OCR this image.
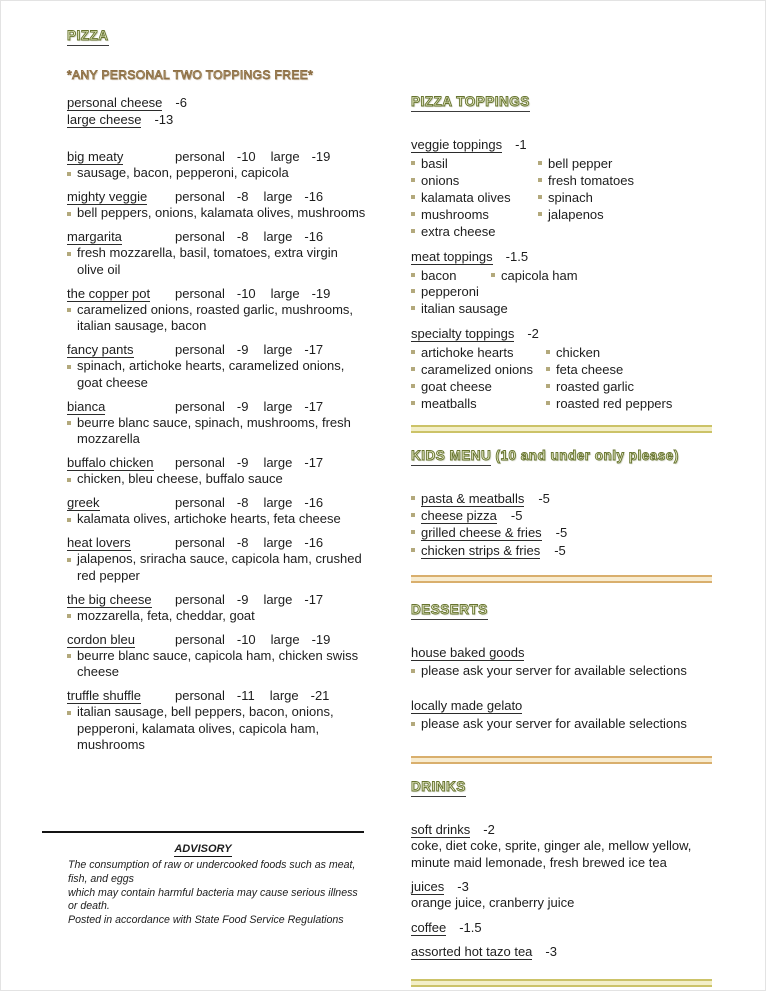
PIZZA
*ANY PERSONAL TWO TOPPINGS FREE*
personal cheese -6
large cheese -13
big meaty	personal -10 large -19
sausage, bacon, pepperoni, capicola
mighty veggie personal -8 large -16
bell peppers, onions, kalamata olives, mushrooms
margarita	personal -8 large -16
fresh mozzarella, basil, tomatoes, extra virgin olive oil
the copper pot personal -10 large -19
caramelized onions, roasted garlic, mushrooms, italian sausage, bacon
fancy pants	personal -9 large -17
spinach, artichoke hearts, caramelized onions, goat cheese
bianca	personal -9 large -17
beurre blanc sauce, spinach, mushrooms, fresh mozzarella
buffalo chicken personal -9 large -17
chicken, bleu cheese, buffalo sauce
greek	personal -8 large -16
kalamata olives, artichoke hearts, feta cheese
heat lovers	personal -8 large -16
jalapenos, sriracha sauce, capicola ham, crushed red pepper
the big cheese personal -9 large -17
mozzarella, feta, cheddar, goat
cordon bleu	personal -10 large -19
beurre blanc sauce, capicola ham, chicken swiss cheese
truffle shuffle	personal -11 large -21
italian sausage, bell peppers, bacon, onions, pepperoni, kalamata olives, capicola ham, mushrooms
ADVISORY
The consumption of raw or undercooked foods such as meat, fish, and eggs
which may contain harmful bacteria may cause serious illness or death.
Posted in accordance with State Food Service Regulations
PIZZA TOPPINGS
veggie toppings -1
basil	bell pepper
onions	fresh tomatoes
kalamata olives	spinach
mushrooms	jalapenos
extra cheese
meat toppings -1.5
bacon	capicola ham
pepperoni
italian sausage
specialty toppings -2
artichoke hearts	chicken
caramelized onions	feta cheese
goat cheese	roasted garlic
meatballs	roasted red peppers
KIDS MENU (10 and under only please)
pasta & meatballs -5
cheese pizza -5
grilled cheese & fries -5
chicken strips & fries -5
DESSERTS
house baked goods
please ask your server for available selections
locally made gelato
please ask your server for available selections
DRINKS
soft drinks -2
coke, diet coke, sprite, ginger ale, mellow yellow, minute maid lemonade, fresh brewed ice tea
juices -3
orange juice, cranberry juice
coffee -1.5
assorted hot tazo tea -3
